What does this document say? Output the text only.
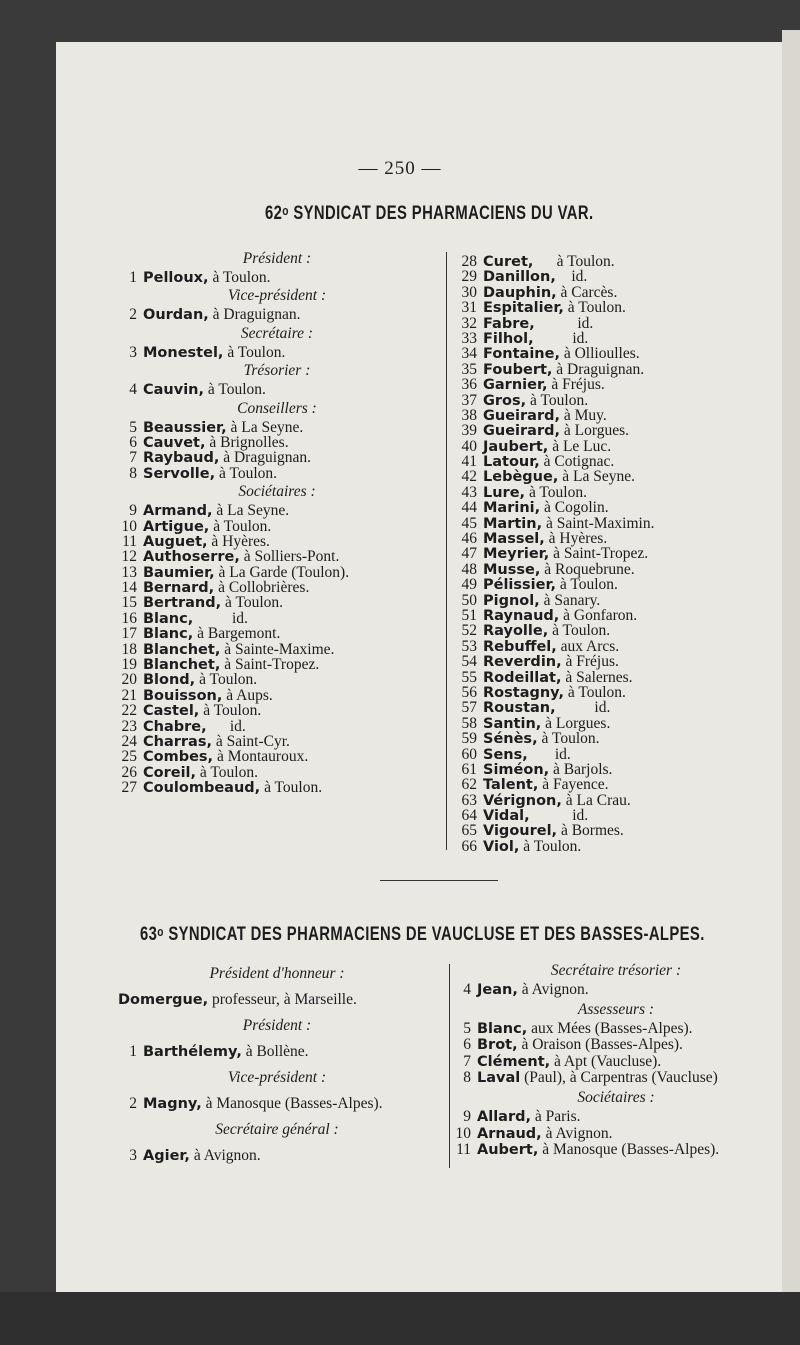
— 250 —
62$^o$ SYNDICAT DES PHARMACIENS DU VAR.
Président :
1 Pelloux, à Toulon.
Vice-président :
2 Ourdan, à Draguignan.
Secrétaire :
3 Monestel, à Toulon.
Trésorier :
4 Cauvin, à Toulon.
Conseillers :
5 Beaussier, à La Seyne.
6 Cauvet, à Brignolles.
7 Raybaud, à Draguignan.
8 Servolle, à Toulon.
Sociétaires :
9 Armand, à La Seyne.
10 Artigue, à Toulon.
11 Auguet, à Hyères.
12 Authoserre, à Solliers-Pont.
13 Baumier, à La Garde (Toulon).
14 Bernard, à Collobrières.
15 Bertrand, à Toulon.
16 Blanc,          id.
17 Blanc, à Bargemont.
18 Blanchet, à Sainte-Maxime.
19 Blanchet, à Saint-Tropez.
20 Blond, à Toulon.
21 Bouisson, à Aups.
22 Castel, à Toulon.
23 Chabre,      id.
24 Charras, à Saint-Cyr.
25 Combes, à Montauroux.
26 Coreil, à Toulon.
27 Coulombeaud, à Toulon.
28 Curet,      à Toulon.
29 Danillon,    id.
30 Dauphin, à Carcès.
31 Espitalier, à Toulon.
32 Fabre,           id.
33 Filhol,          id.
34 Fontaine, à Ollioulles.
35 Foubert, à Draguignan.
36 Garnier, à Fréjus.
37 Gros, à Toulon.
38 Gueirard, à Muy.
39 Gueirard, à Lorgues.
40 Jaubert, à Le Luc.
41 Latour, à Cotignac.
42 Lebègue, à La Seyne.
43 Lure, à Toulon.
44 Marini, à Cogolin.
45 Martin, à Saint-Maximin.
46 Massel, à Hyères.
47 Meyrier, à Saint-Tropez.
48 Musse, à Roquebrune.
49 Pélissier, à Toulon.
50 Pignol, à Sanary.
51 Raynaud, à Gonfaron.
52 Rayolle, à Toulon.
53 Rebuffel, aux Arcs.
54 Reverdin, à Fréjus.
55 Rodeillat, à Salernes.
56 Rostagny, à Toulon.
57 Roustan,          id.
58 Santin, à Lorgues.
59 Sénès, à Toulon.
60 Sens,       id.
61 Siméon, à Barjols.
62 Talent, à Fayence.
63 Vérignon, à La Crau.
64 Vidal,           id.
65 Vigourel, à Bormes.
66 Viol, à Toulon.
63$^o$ SYNDICAT DES PHARMACIENS DE VAUCLUSE ET DES BASSES-ALPES.
Président d'honneur :
Domergue, professeur, à Marseille.
Président :
1 Barthélemy, à Bollène.
Vice-président :
2 Magny, à Manosque (Basses-Alpes).
Secrétaire général :
3 Agier, à Avignon.
Secrétaire trésorier :
4 Jean, à Avignon.
Assesseurs :
5 Blanc, aux Mées (Basses-Alpes).
6 Brot, à Oraison (Basses-Alpes).
7 Clément, à Apt (Vaucluse).
8 Laval (Paul), à Carpentras (Vaucluse)
Sociétaires :
9 Allard, à Paris.
10 Arnaud, à Avignon.
11 Aubert, à Manosque (Basses-Alpes).
